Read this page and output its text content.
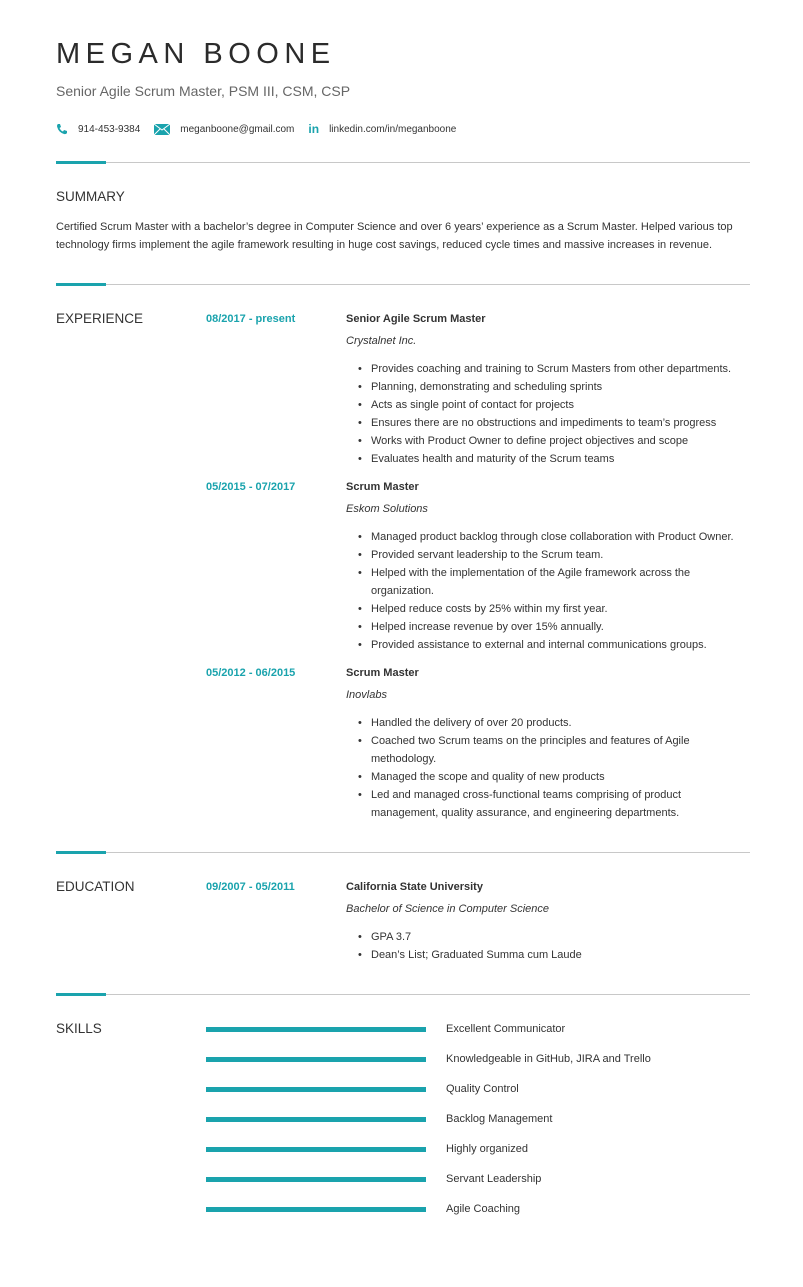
MEGAN BOONE
Senior Agile Scrum Master, PSM III, CSM, CSP
914-453-9384	meganboone@gmail.com in linkedin.com/in/meganboone
SUMMARY
Certified Scrum Master with a bachelor’s degree in Computer Science and over 6 years’ experience as a Scrum Master. Helped various top technology firms implement the agile framework resulting in huge cost savings, reduced cycle times and massive increases in revenue.
EXPERIENCE	08/2017 - present	Senior Agile Scrum Master
Crystalnet Inc.
• Provides coaching and training to Scrum Masters from other departments.
• Planning, demonstrating and scheduling sprints
• Acts as single point of contact for projects
• Ensures there are no obstructions and impediments to team’s progress
• Works with Product Owner to define project objectives and scope
• Evaluates health and maturity of the Scrum teams
05/2015 - 07/2017	Scrum Master
Eskom Solutions
• Managed product backlog through close collaboration with Product Owner.
• Provided servant leadership to the Scrum team.
• Helped with the implementation of the Agile framework across the organization.
• Helped reduce costs by 25% within my first year.
• Helped increase revenue by over 15% annually.
• Provided assistance to external and internal communications groups.
05/2012 - 06/2015	Scrum Master
Inovlabs
• Handled the delivery of over 20 products.
• Coached two Scrum teams on the principles and features of Agile methodology.
• Managed the scope and quality of new products
• Led and managed cross-functional teams comprising of product management, quality assurance, and engineering departments.
EDUCATION	09/2007 - 05/2011	California State University
Bachelor of Science in Computer Science
• GPA 3.7
• Dean’s List; Graduated Summa cum Laude
SKILLS	Excellent Communicator
Knowledgeable in GitHub, JIRA and Trello
Quality Control
Backlog Management
Highly organized
Servant Leadership
Agile Coaching
